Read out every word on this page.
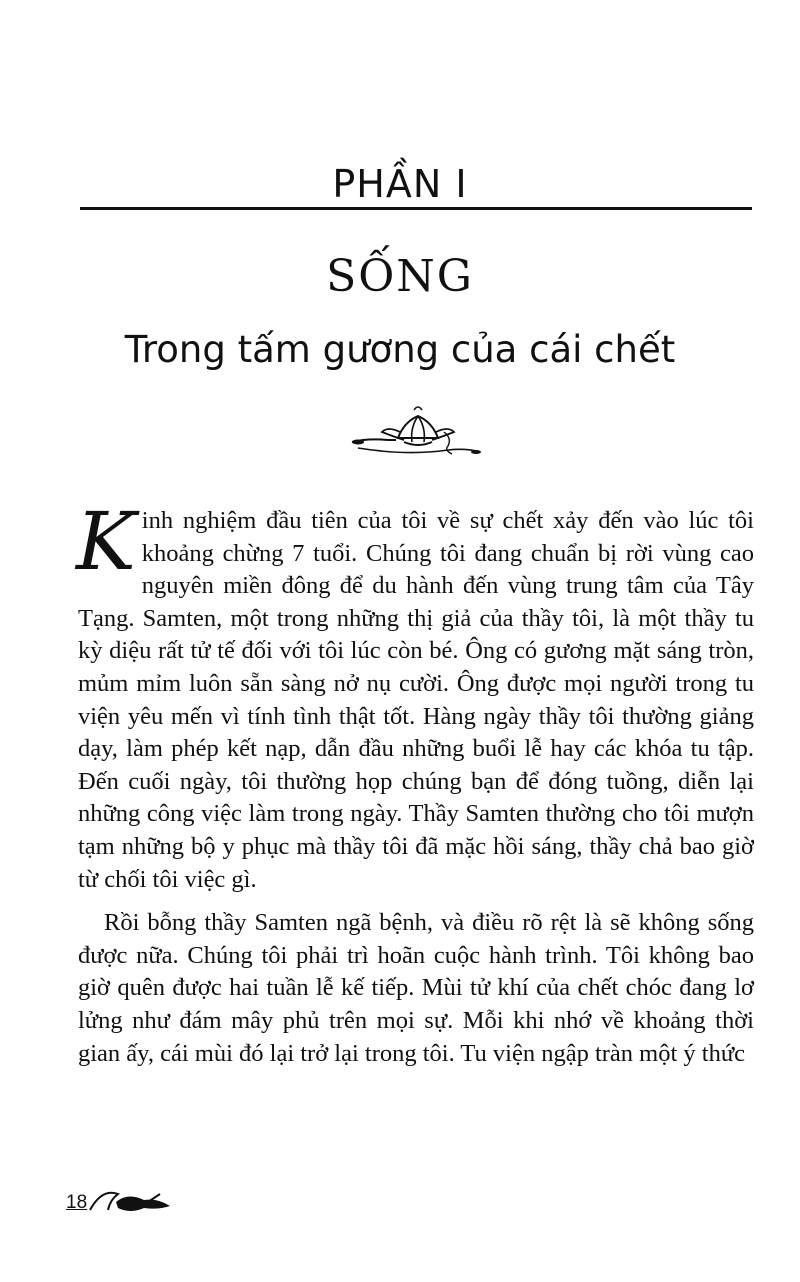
PHẦN I
SỐNG
Trong tấm gương của cái chết

Kinh nghiệm đầu tiên của tôi về sự chết xảy đến vào lúc tôi khoảng chừng 7 tuổi. Chúng tôi đang chuẩn bị rời vùng cao nguyên miền đông để du hành đến vùng trung tâm của Tây Tạng. Samten, một trong những thị giả của thầy tôi, là một thầy tu kỳ diệu rất tử tế đối với tôi lúc còn bé. Ông có gương mặt sáng tròn, mủm mỉm luôn sẵn sàng nở nụ cười. Ông được mọi người trong tu viện yêu mến vì tính tình thật tốt. Hàng ngày thầy tôi thường giảng dạy, làm phép kết nạp, dẫn đầu những buổi lễ hay các khóa tu tập. Đến cuối ngày, tôi thường họp chúng bạn để đóng tuồng, diễn lại những công việc làm trong ngày. Thầy Samten thường cho tôi mượn tạm những bộ y phục mà thầy tôi đã mặc hồi sáng, thầy chả bao giờ từ chối tôi việc gì.

Rồi bỗng thầy Samten ngã bệnh, và điều rõ rệt là sẽ không sống được nữa. Chúng tôi phải trì hoãn cuộc hành trình. Tôi không bao giờ quên được hai tuần lễ kế tiếp. Mùi tử khí của chết chóc đang lơ lửng như đám mây phủ trên mọi sự. Mỗi khi nhớ về khoảng thời gian ấy, cái mùi đó lại trở lại trong tôi. Tu viện ngập tràn một ý thức

18
